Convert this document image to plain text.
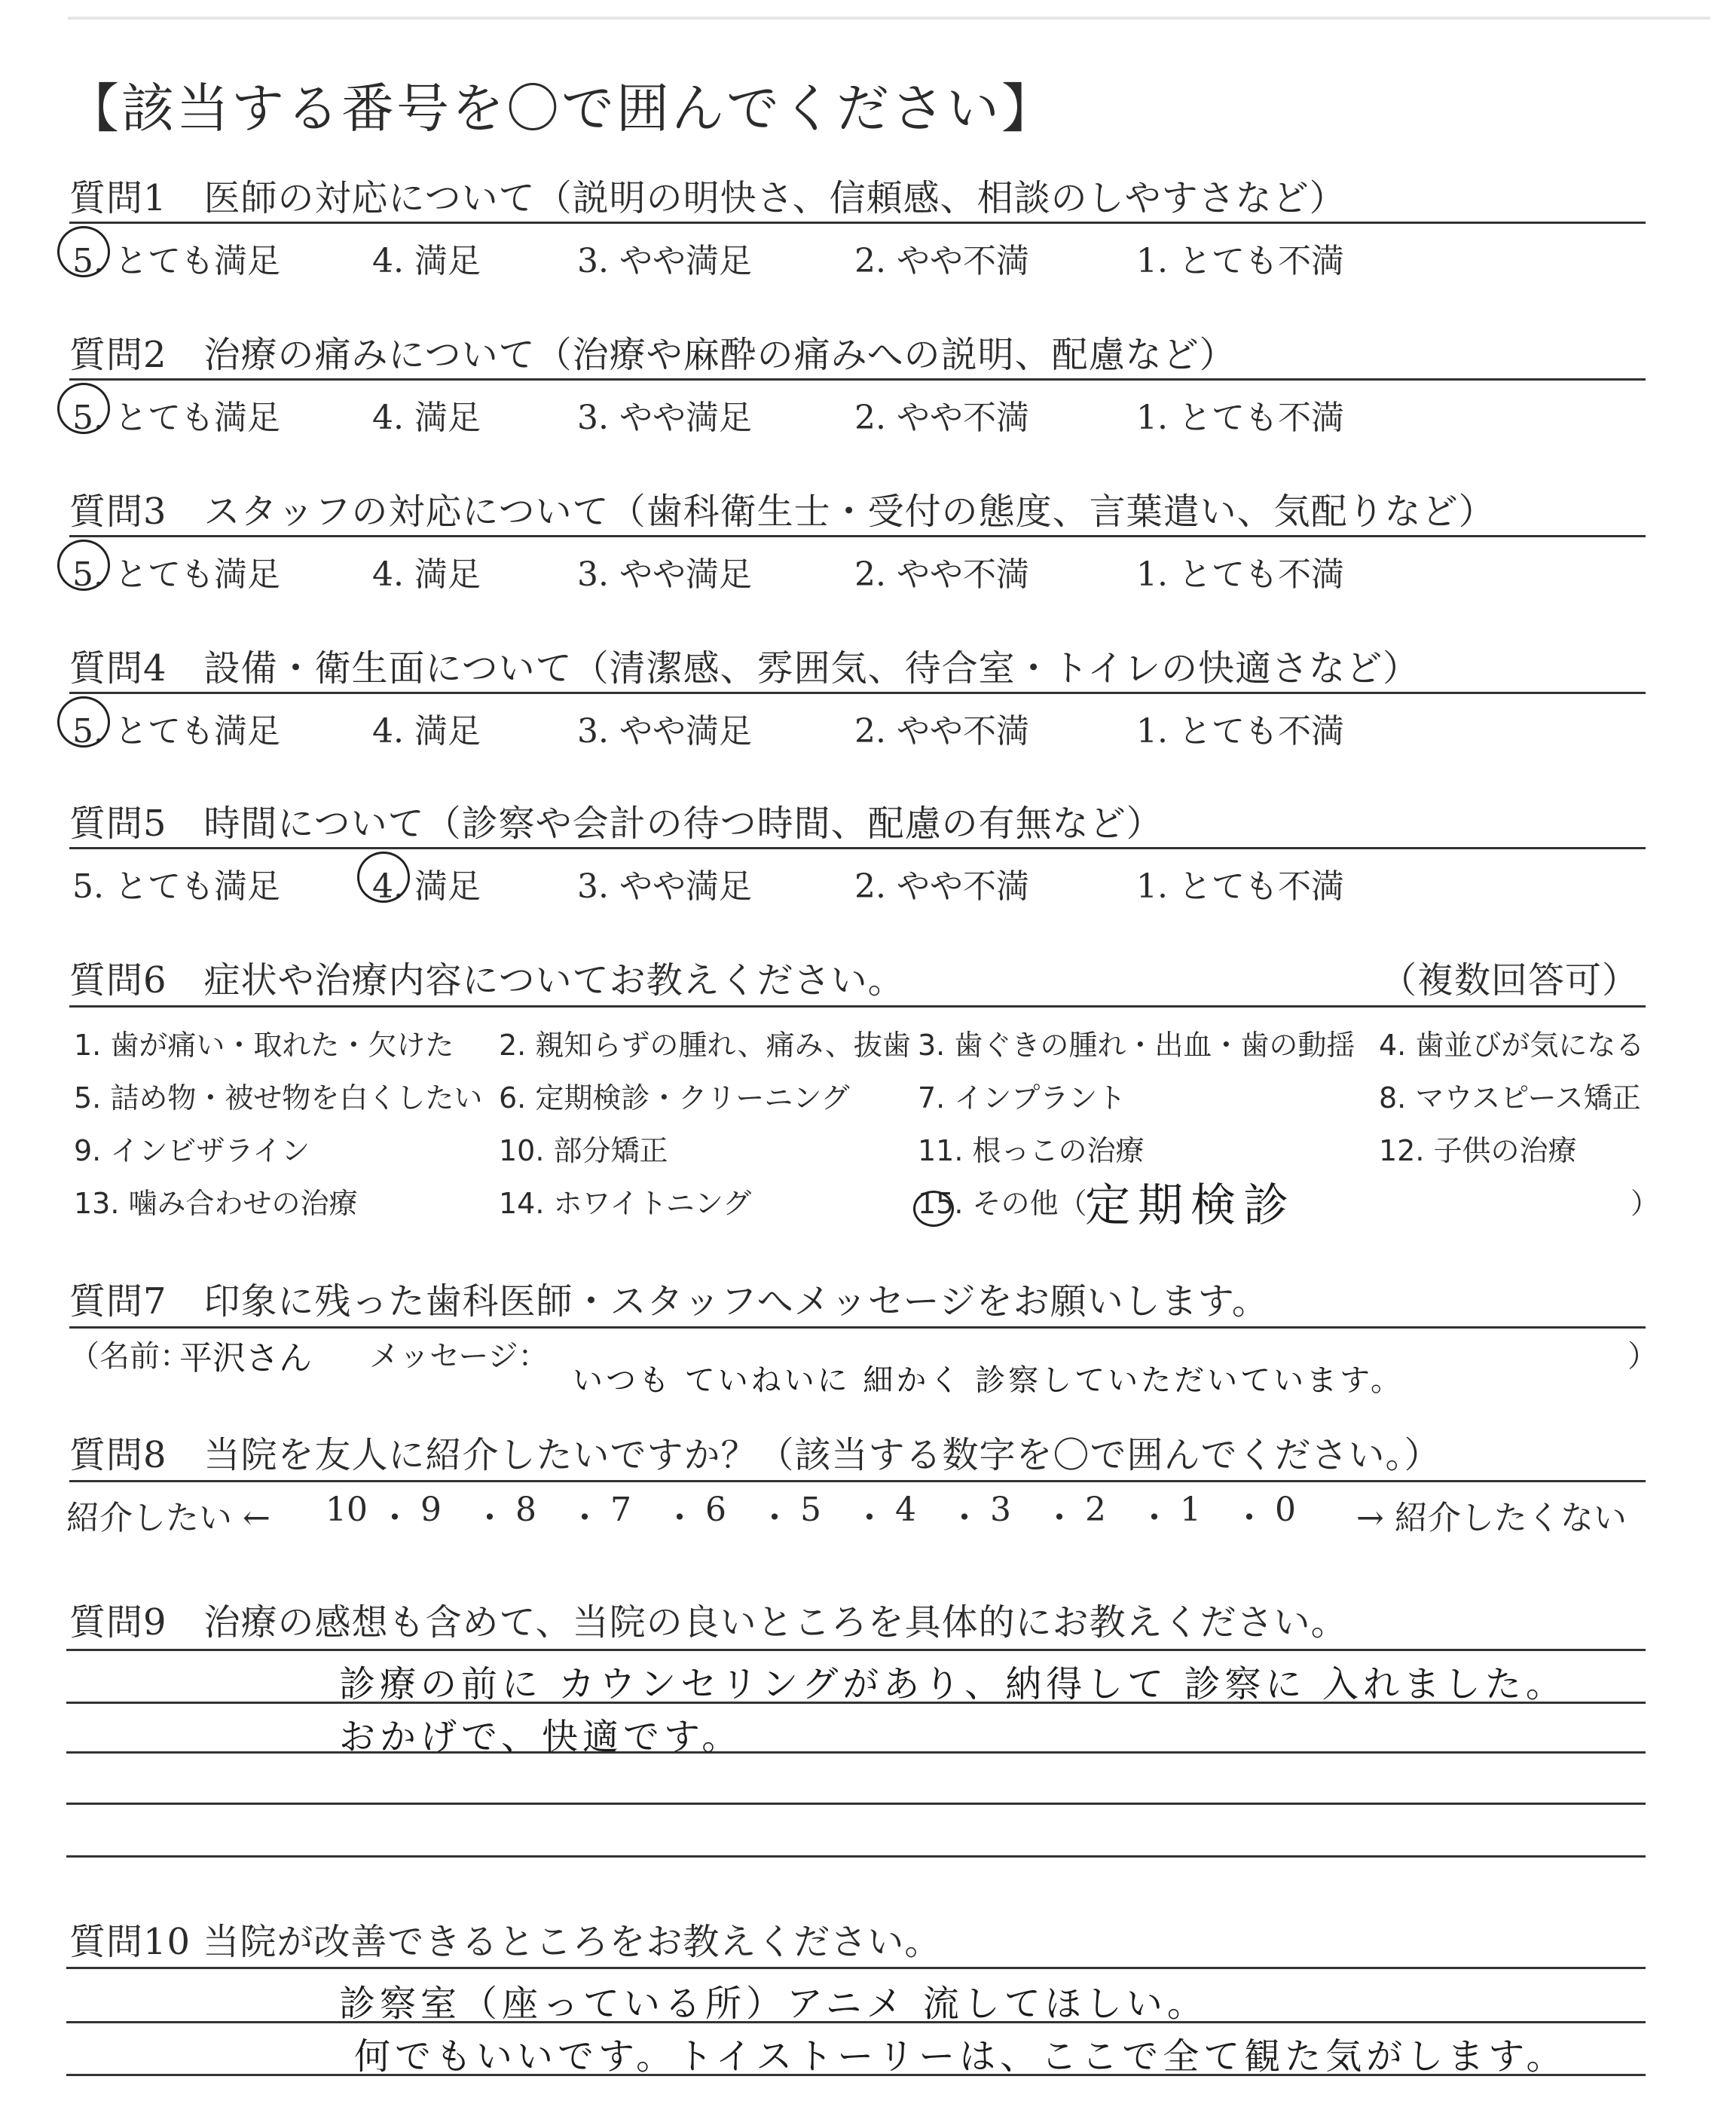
【該当する番号を〇で囲んでください】
質問1　医師の対応について（説明の明快さ、信頼感、相談のしやすさなど）
5. とても満足	4. 満足	3. やや満足	2. やや不満	1. とても不満
質問2　治療の痛みについて（治療や麻酔の痛みへの説明、配慮など）
5. とても満足	4. 満足	3. やや満足	2. やや不満	1. とても不満
質問3　スタッフの対応について（歯科衛生士・受付の態度、言葉遣い、気配りなど）
5. とても満足	4. 満足	3. やや満足	2. やや不満	1. とても不満
質問4　設備・衛生面について（清潔感、雰囲気、待合室・トイレの快適さなど）
5. とても満足	4. 満足	3. やや満足	2. やや不満	1. とても不満
質問5　時間について（診察や会計の待つ時間、配慮の有無など）
5. とても満足	4. 満足	3. やや満足	2. やや不満	1. とても不満
質問6　症状や治療内容についてお教えください。	（複数回答可）
1. 歯が痛い・取れた・欠けた 2. 親知らずの腫れ、痛み、抜歯 3. 歯ぐきの腫れ・出血・歯の動揺 4. 歯並びが気になる
5. 詰め物・被せ物を白くしたい 6. 定期検診・クリーニング 7. インプラント	8. マウスピース矯正
9. インビザライン	10. 部分矯正	11. 根っこの治療	12. 子供の治療
13. 噛み合わせの治療	14. ホワイトニング	15. その他（	）
定期検診
質問7　印象に残った歯科医師・スタッフへメッセージをお願いします。
（名前：
平沢さん メッセージ：
いつも ていねいに 細かく 診察していただいています。
）
質問8　当院を友人に紹介したいですか？（該当する数字を〇で囲んでください。）
紹介したい ← 10 ・ 9 ・ 8 ・ 7 ・ 6 ・ 5 ・ 4 ・ 3 ・ 2 ・ 1 ・ 0 → 紹介したくない
質問9　治療の感想も含めて、当院の良いところを具体的にお教えください。
診療の前に カウンセリングがあり、納得して 診察に 入れました。
おかげで、快適です。
質問10 当院が改善できるところをお教えください。
診察室（座っている所）アニメ 流してほしい。
何でもいいです。トイストーリーは、ここで全て観た気がします。
